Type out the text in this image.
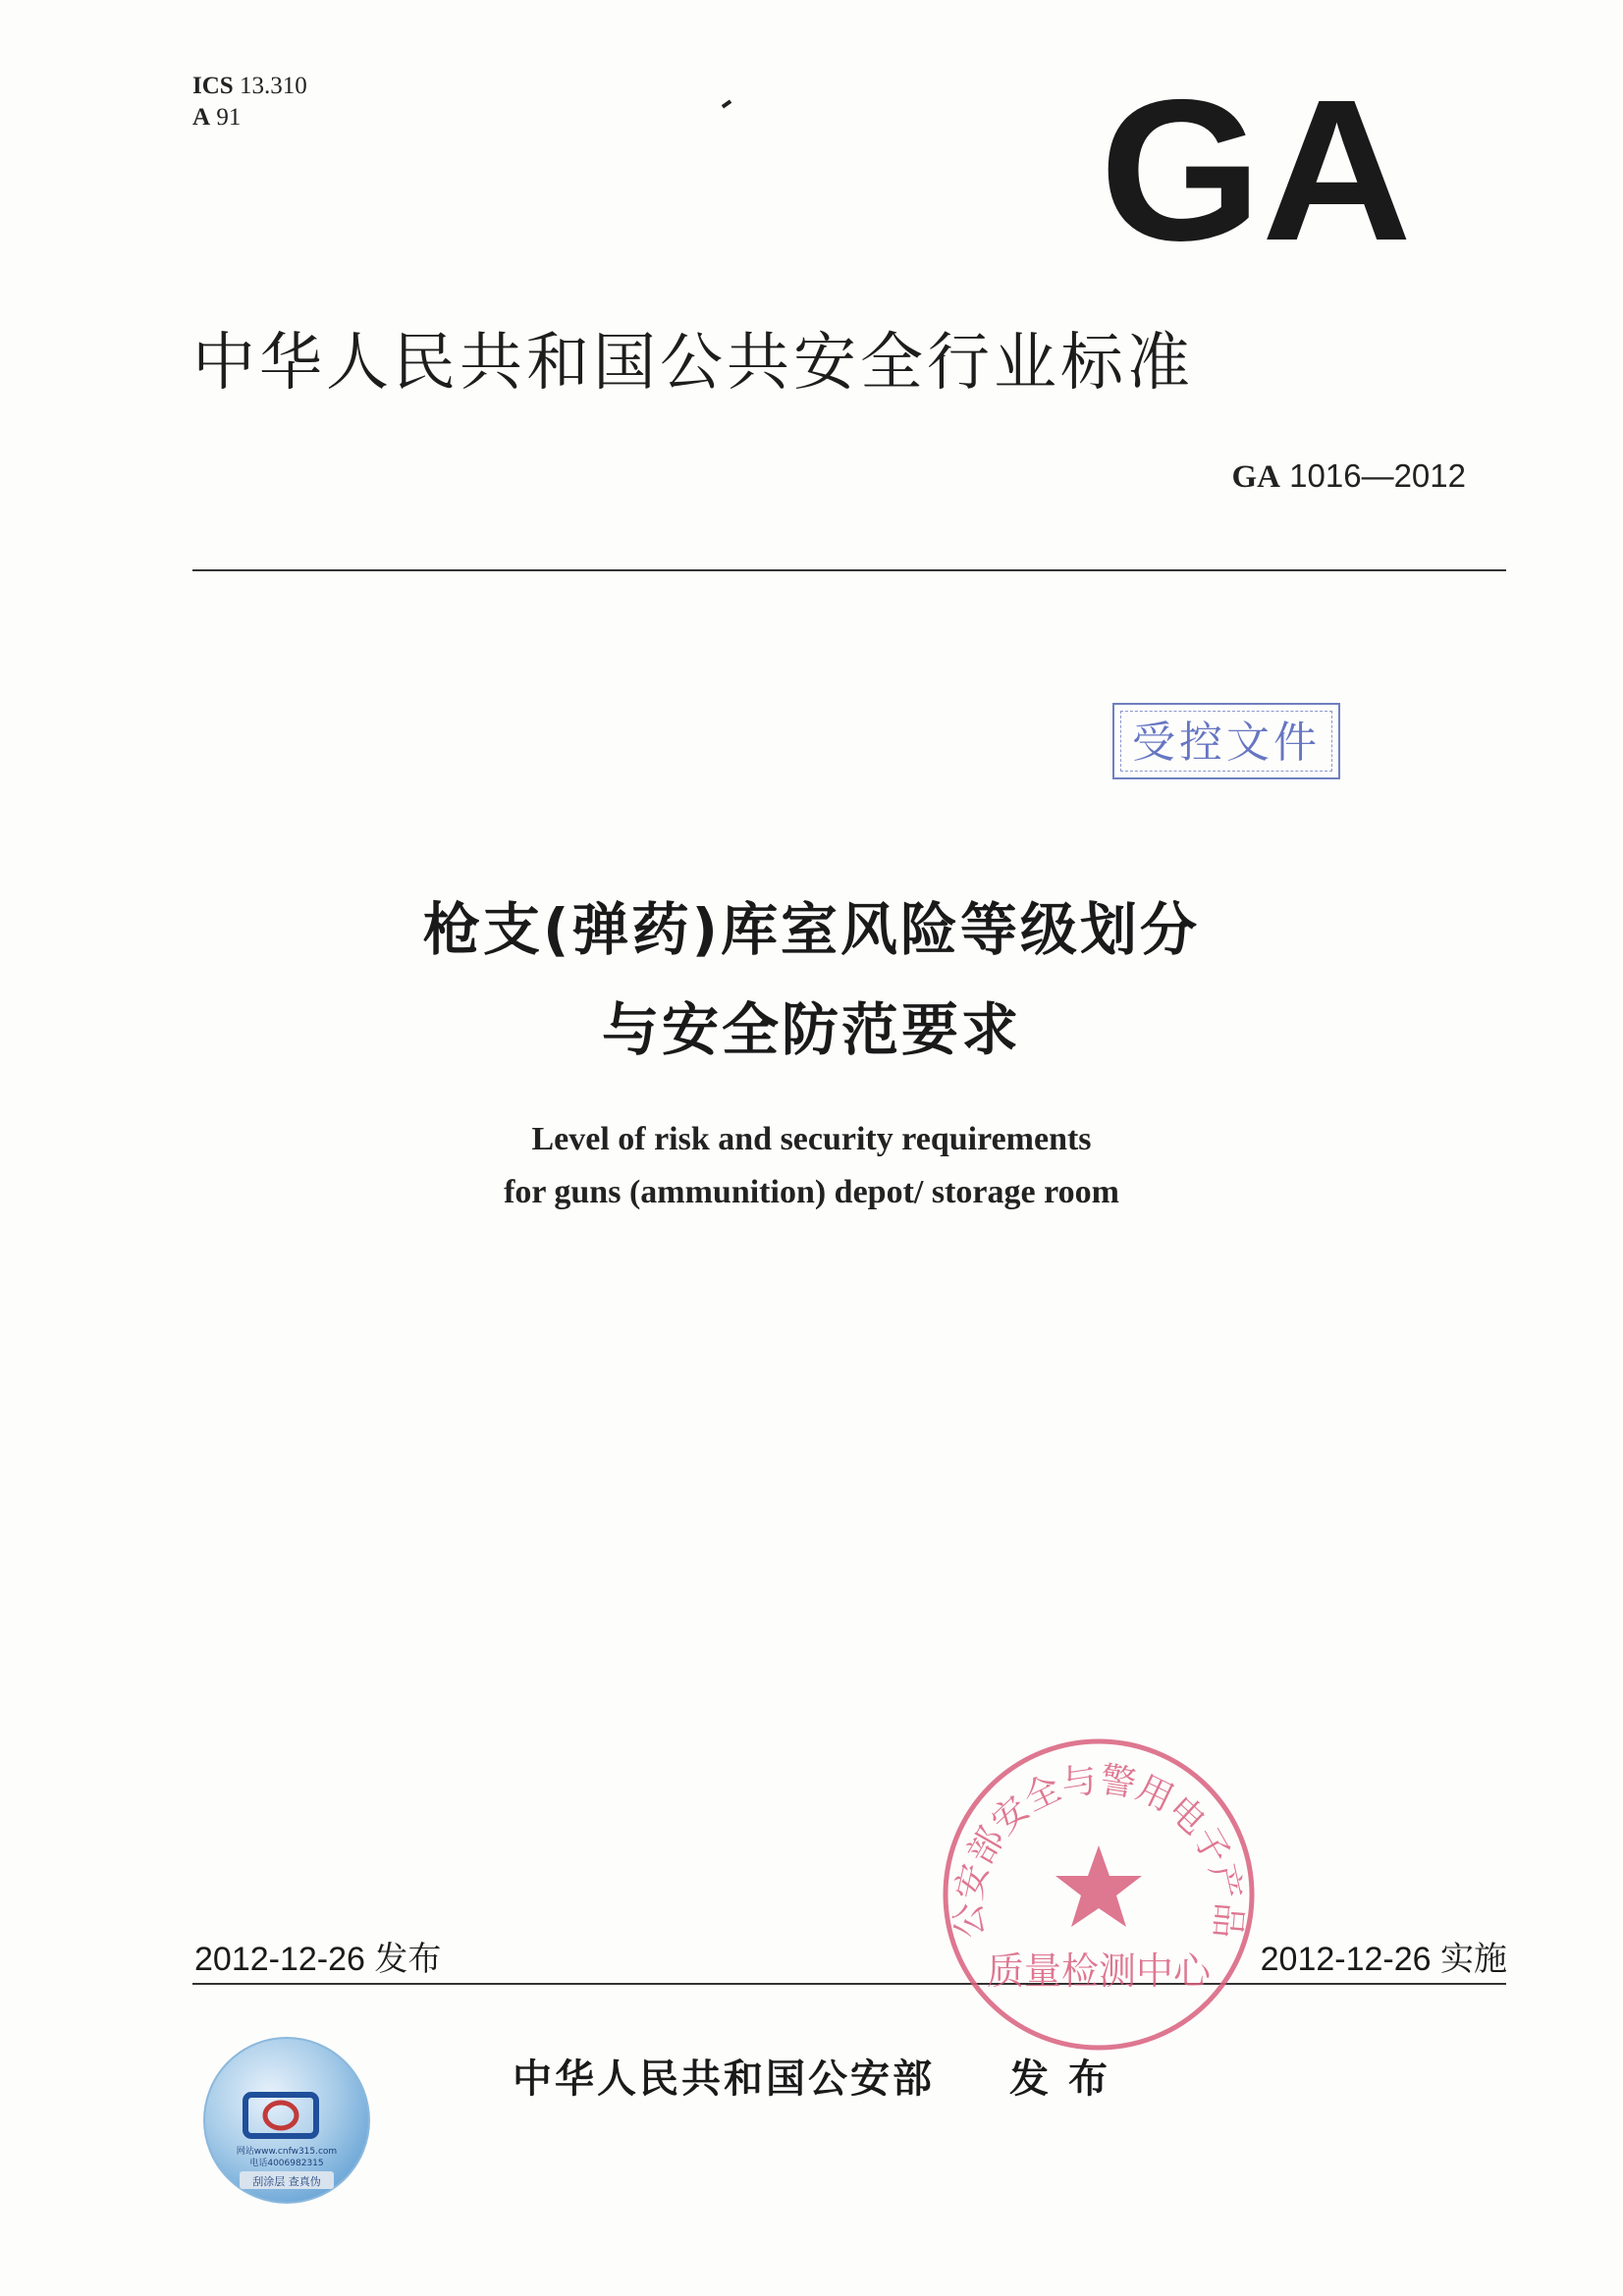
ICS 13.310
A 91	GA
中华人民共和国公共安全行业标准
GA 1016—2012
受控文件
枪支(弹药)库室风险等级划分
与安全防范要求
Level of risk and security requirements
for guns (ammunition) depot/ storage room
2012-12-26 发布	2012-12-26 实施
公安部安全与警用电子产品
质量检测中心
网站www.cnfw315.com
电话4006982315
刮涂层 查真伪
中华人民共和国公安部 发 布
